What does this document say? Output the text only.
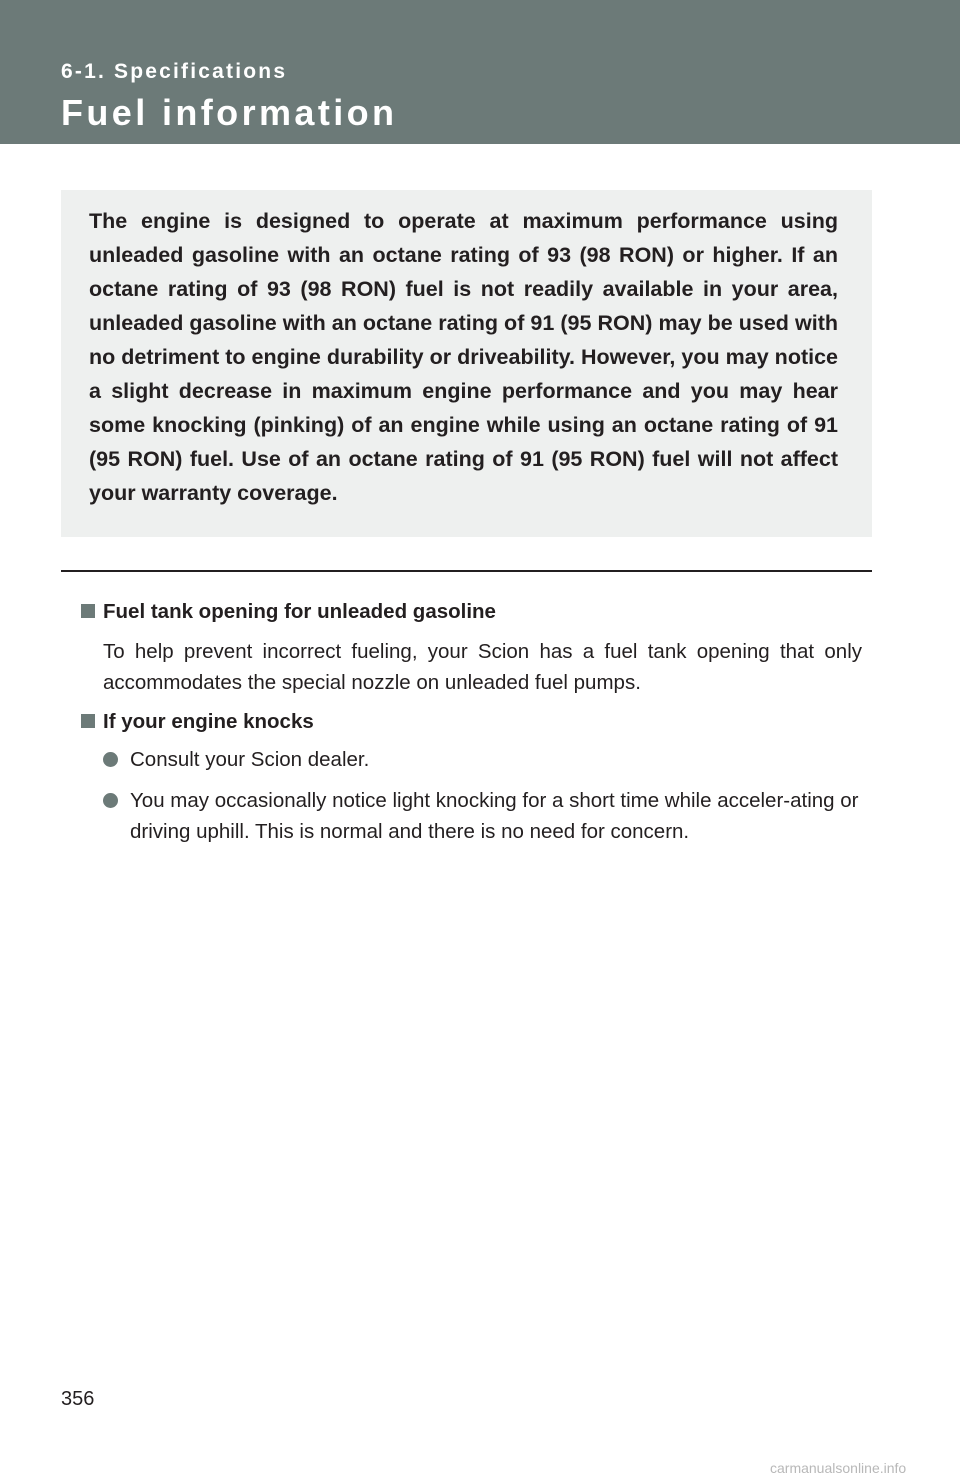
6-1. Specifications
Fuel information

The engine is designed to operate at maximum performance using unleaded gasoline with an octane rating of 93 (98 RON) or higher. If an octane rating of 93 (98 RON) fuel is not readily available in your area, unleaded gasoline with an octane rating of 91 (95 RON) may be used with no detriment to engine durability or driveability. However, you may notice a slight decrease in maximum engine performance and you may hear some knocking (pinking) of an engine while using an octane rating of 91 (95 RON) fuel. Use of an octane rating of 91 (95 RON) fuel will not affect your warranty coverage.

Fuel tank opening for unleaded gasoline

To help prevent incorrect fueling, your Scion has a fuel tank opening that only accommodates the special nozzle on unleaded fuel pumps.

If your engine knocks
Consult your Scion dealer.
You may occasionally notice light knocking for a short time while acceler-ating or driving uphill. This is normal and there is no need for concern.
356
carmanualsonline.info
